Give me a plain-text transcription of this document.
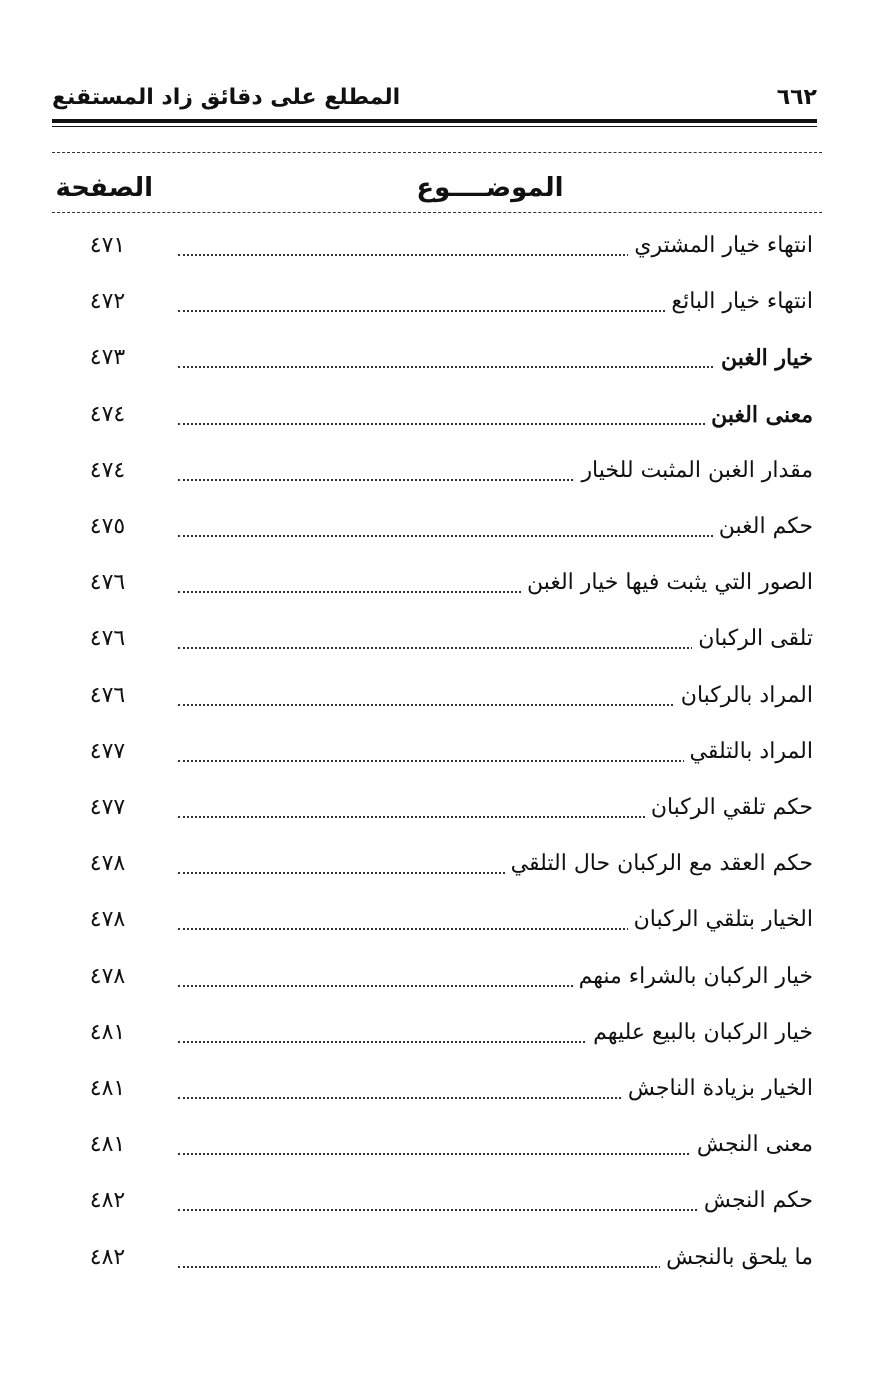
المطلع على دقائق زاد المستقنع	٦٦٢
الموضــــوع
الصفحة
انتهاء خيار المشتري
٤٧١
انتهاء خيار البائع
٤٧٢
خيار الغبن
٤٧٣
معنى الغبن
٤٧٤
مقدار الغبن المثبت للخيار
٤٧٤
حكم الغبن
٤٧٥
الصور التي يثبت فيها خيار الغبن
٤٧٦
تلقى الركبان
٤٧٦
المراد بالركبان
٤٧٦
المراد بالتلقي
٤٧٧
حكم تلقي الركبان
٤٧٧
حكم العقد مع الركبان حال التلقي
٤٧٨
الخيار بتلقي الركبان
٤٧٨
خيار الركبان بالشراء منهم
٤٧٨
خيار الركبان بالبيع عليهم
٤٨١
الخيار بزيادة الناجش
٤٨١
معنى النجش
٤٨١
حكم النجش
٤٨٢
ما يلحق بالنجش
٤٨٢
